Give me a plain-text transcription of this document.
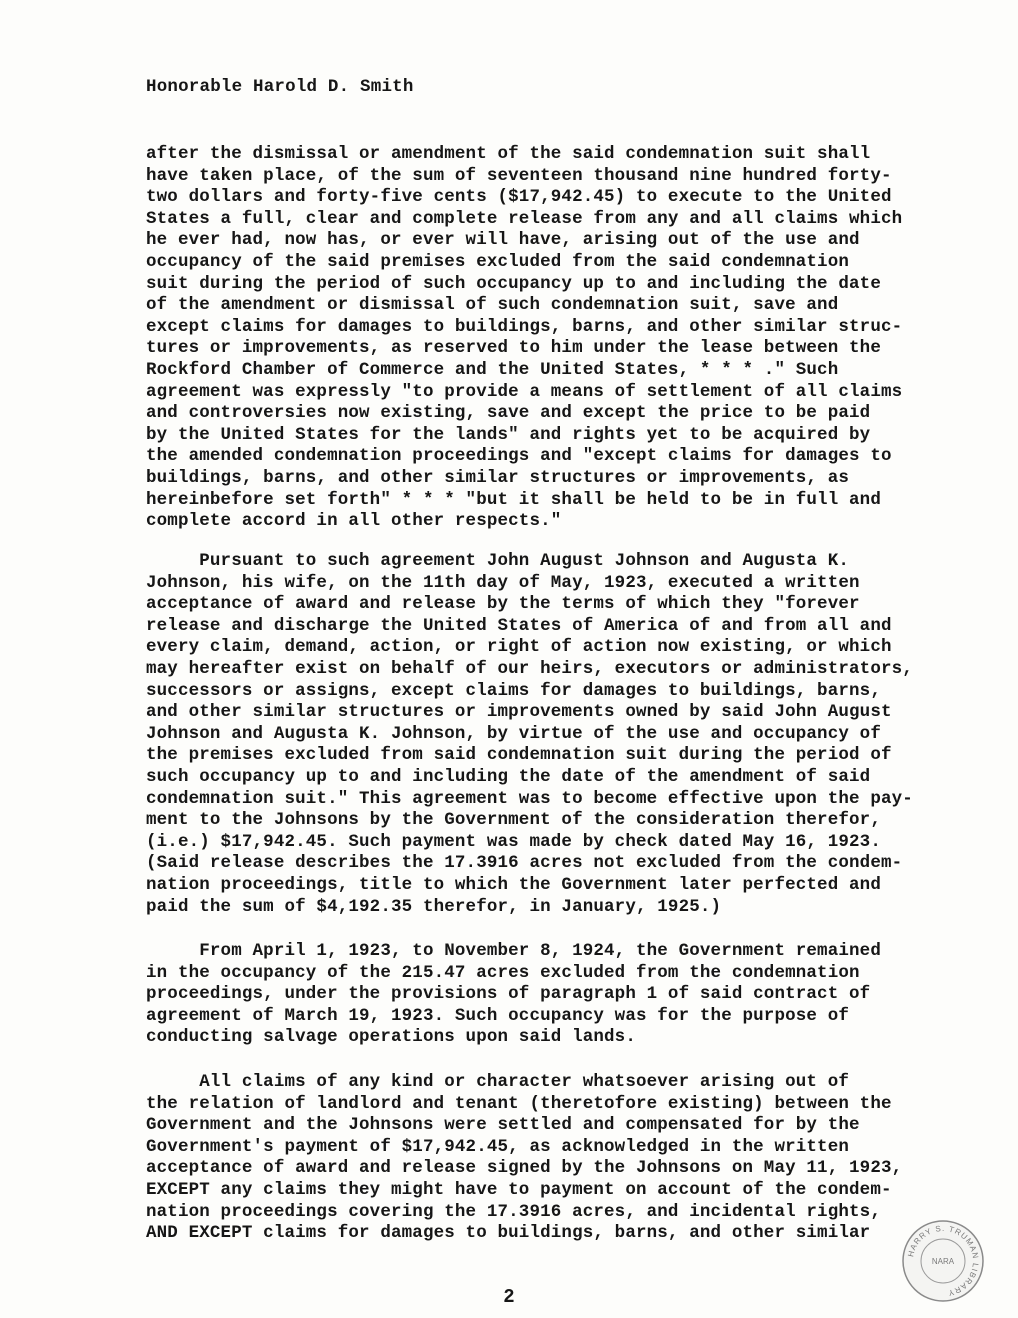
Honorable Harold D. Smith
after the dismissal or amendment of the said condemnation suit shall
have taken place, of the sum of seventeen thousand nine hundred forty-
two dollars and forty-five cents ($17,942.45) to execute to the United
States a full, clear and complete release from any and all claims which
he ever had, now has, or ever will have, arising out of the use and
occupancy of the said premises excluded from the said condemnation
suit during the period of such occupancy up to and including the date
of the amendment or dismissal of such condemnation suit, save and
except claims for damages to buildings, barns, and other similar struc-
tures or improvements, as reserved to him under the lease between the
Rockford Chamber of Commerce and the United States, * * * ." Such
agreement was expressly "to provide a means of settlement of all claims
and controversies now existing, save and except the price to be paid
by the United States for the lands" and rights yet to be acquired by
the amended condemnation proceedings and "except claims for damages to
buildings, barns, and other similar structures or improvements, as
hereinbefore set forth" * * * "but it shall be held to be in full and
complete accord in all other respects."
Pursuant to such agreement John August Johnson and Augusta K.
Johnson, his wife, on the 11th day of May, 1923, executed a written
acceptance of award and release by the terms of which they "forever
release and discharge the United States of America of and from all and
every claim, demand, action, or right of action now existing, or which
may hereafter exist on behalf of our heirs, executors or administrators,
successors or assigns, except claims for damages to buildings, barns,
and other similar structures or improvements owned by said John August
Johnson and Augusta K. Johnson, by virtue of the use and occupancy of
the premises excluded from said condemnation suit during the period of
such occupancy up to and including the date of the amendment of said
condemnation suit." This agreement was to become effective upon the pay-
ment to the Johnsons by the Government of the consideration therefor,
(i.e.) $17,942.45. Such payment was made by check dated May 16, 1923.
(Said release describes the 17.3916 acres not excluded from the condem-
nation proceedings, title to which the Government later perfected and
paid the sum of $4,192.35 therefor, in January, 1925.)
From April 1, 1923, to November 8, 1924, the Government remained
in the occupancy of the 215.47 acres excluded from the condemnation
proceedings, under the provisions of paragraph 1 of said contract of
agreement of March 19, 1923. Such occupancy was for the purpose of
conducting salvage operations upon said lands.
All claims of any kind or character whatsoever arising out of
the relation of landlord and tenant (theretofore existing) between the
Government and the Johnsons were settled and compensated for by the
Government's payment of $17,942.45, as acknowledged in the written
acceptance of award and release signed by the Johnsons on May 11, 1923,
EXCEPT any claims they might have to payment on account of the condem-
nation proceedings covering the 17.3916 acres, and incidental rights,
AND EXCEPT claims for damages to buildings, barns, and other similar
2
HARRY S. TRUMAN LIBRARY
NARA
